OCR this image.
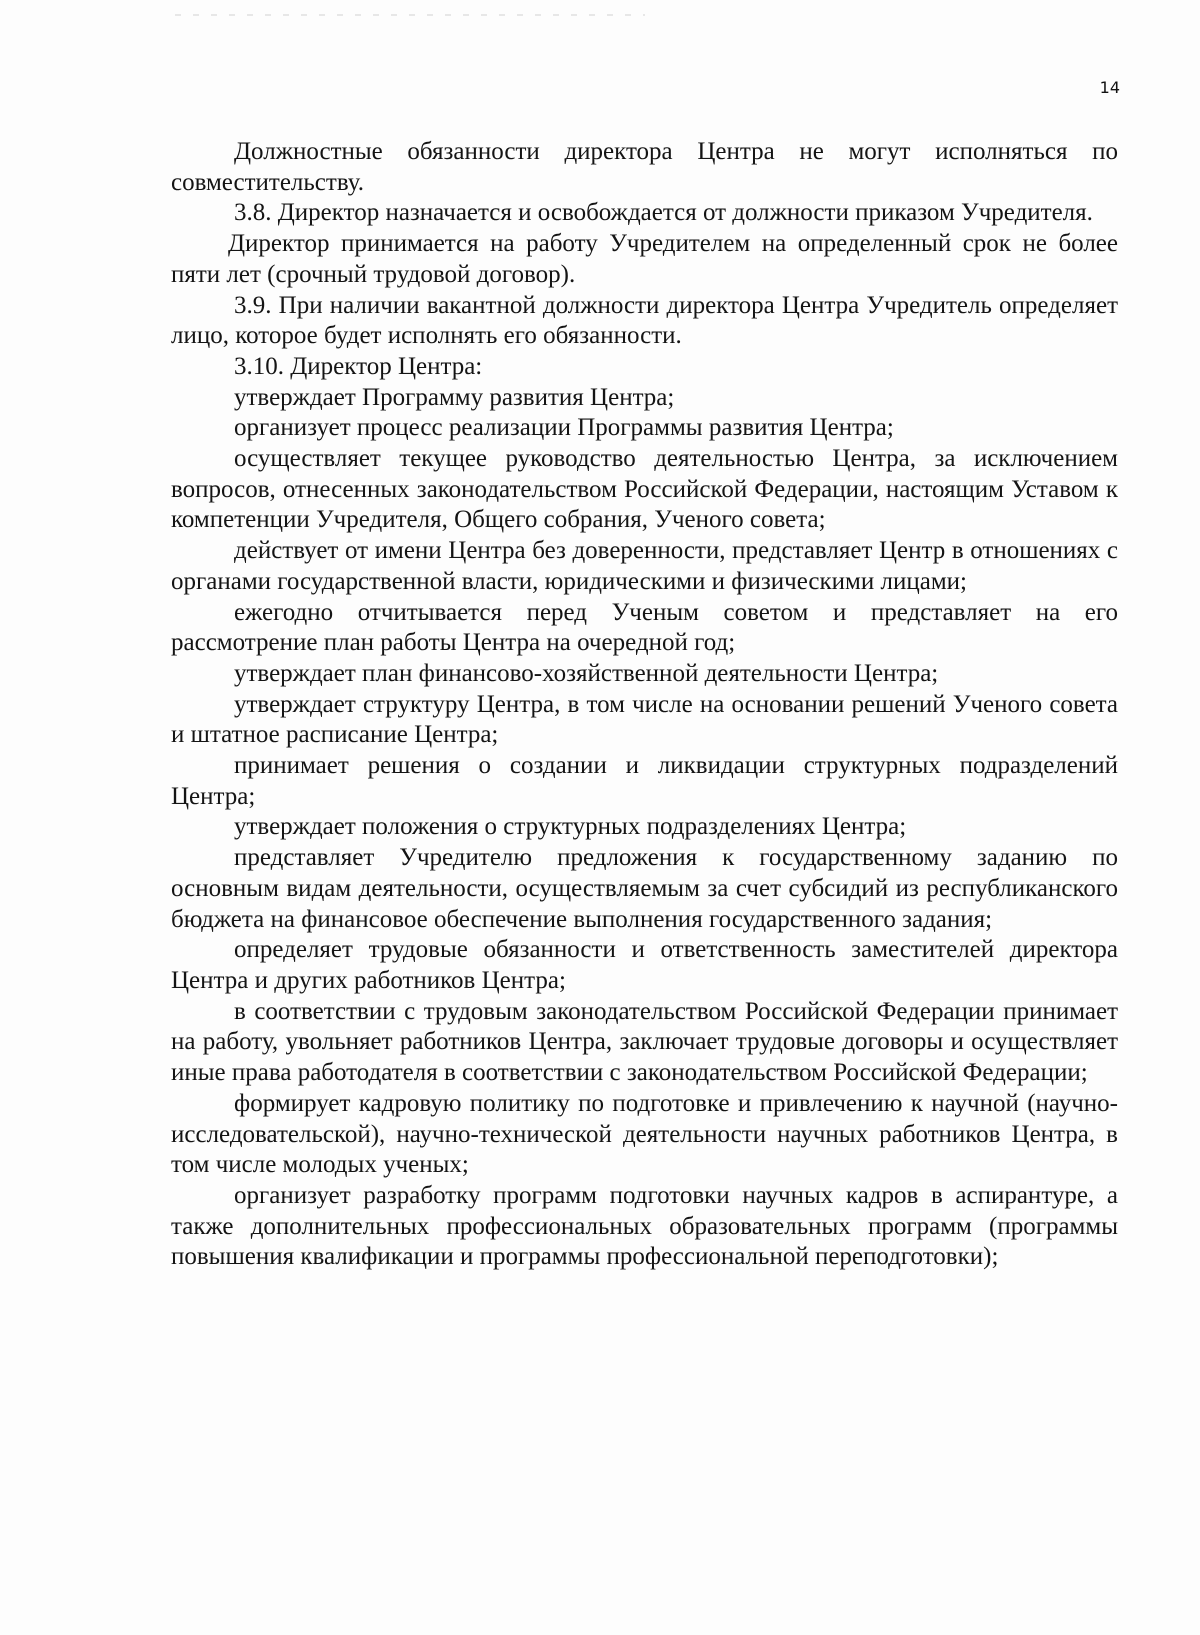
14

Должностные обязанности директора Центра не могут исполняться по совместительству.

3.8. Директор назначается и освобождается от должности приказом Учредителя.

Директор принимается на работу Учредителем на определенный срок не более пяти лет (срочный трудовой договор).

3.9. При наличии вакантной должности директора Центра Учредитель определяет лицо, которое будет исполнять его обязанности.

3.10. Директор Центра:

утверждает Программу развития Центра;

организует процесс реализации Программы развития Центра;

осуществляет текущее руководство деятельностью Центра, за исключением вопросов, отнесенных законодательством Российской Федерации, настоящим Уставом к компетенции Учредителя, Общего собрания, Ученого совета;

действует от имени Центра без доверенности, представляет Центр в отношениях с органами государственной власти, юридическими и физическими лицами;

ежегодно отчитывается перед Ученым советом и представляет на его рассмотрение план работы Центра на очередной год;

утверждает план финансово-хозяйственной деятельности Центра;

утверждает структуру Центра, в том числе на основании решений Ученого совета и штатное расписание Центра;

принимает решения о создании и ликвидации структурных подразделений Центра;

утверждает положения о структурных подразделениях Центра;

представляет Учредителю предложения к государственному заданию по основным видам деятельности, осуществляемым за счет субсидий из республиканского бюджета на финансовое обеспечение выполнения государственного задания;

определяет трудовые обязанности и ответственность заместителей директора Центра и других работников Центра;

в соответствии с трудовым законодательством Российской Федерации принимает на работу, увольняет работников Центра, заключает трудовые договоры и осуществляет иные права работодателя в соответствии с законодательством Российской Федерации;

формирует кадровую политику по подготовке и привлечению к научной (научно-исследовательской), научно-технической деятельности научных работников Центра, в том числе молодых ученых;

организует разработку программ подготовки научных кадров в аспирантуре, а также дополнительных профессиональных образовательных программ (программы повышения квалификации и программы профессиональной переподготовки);
